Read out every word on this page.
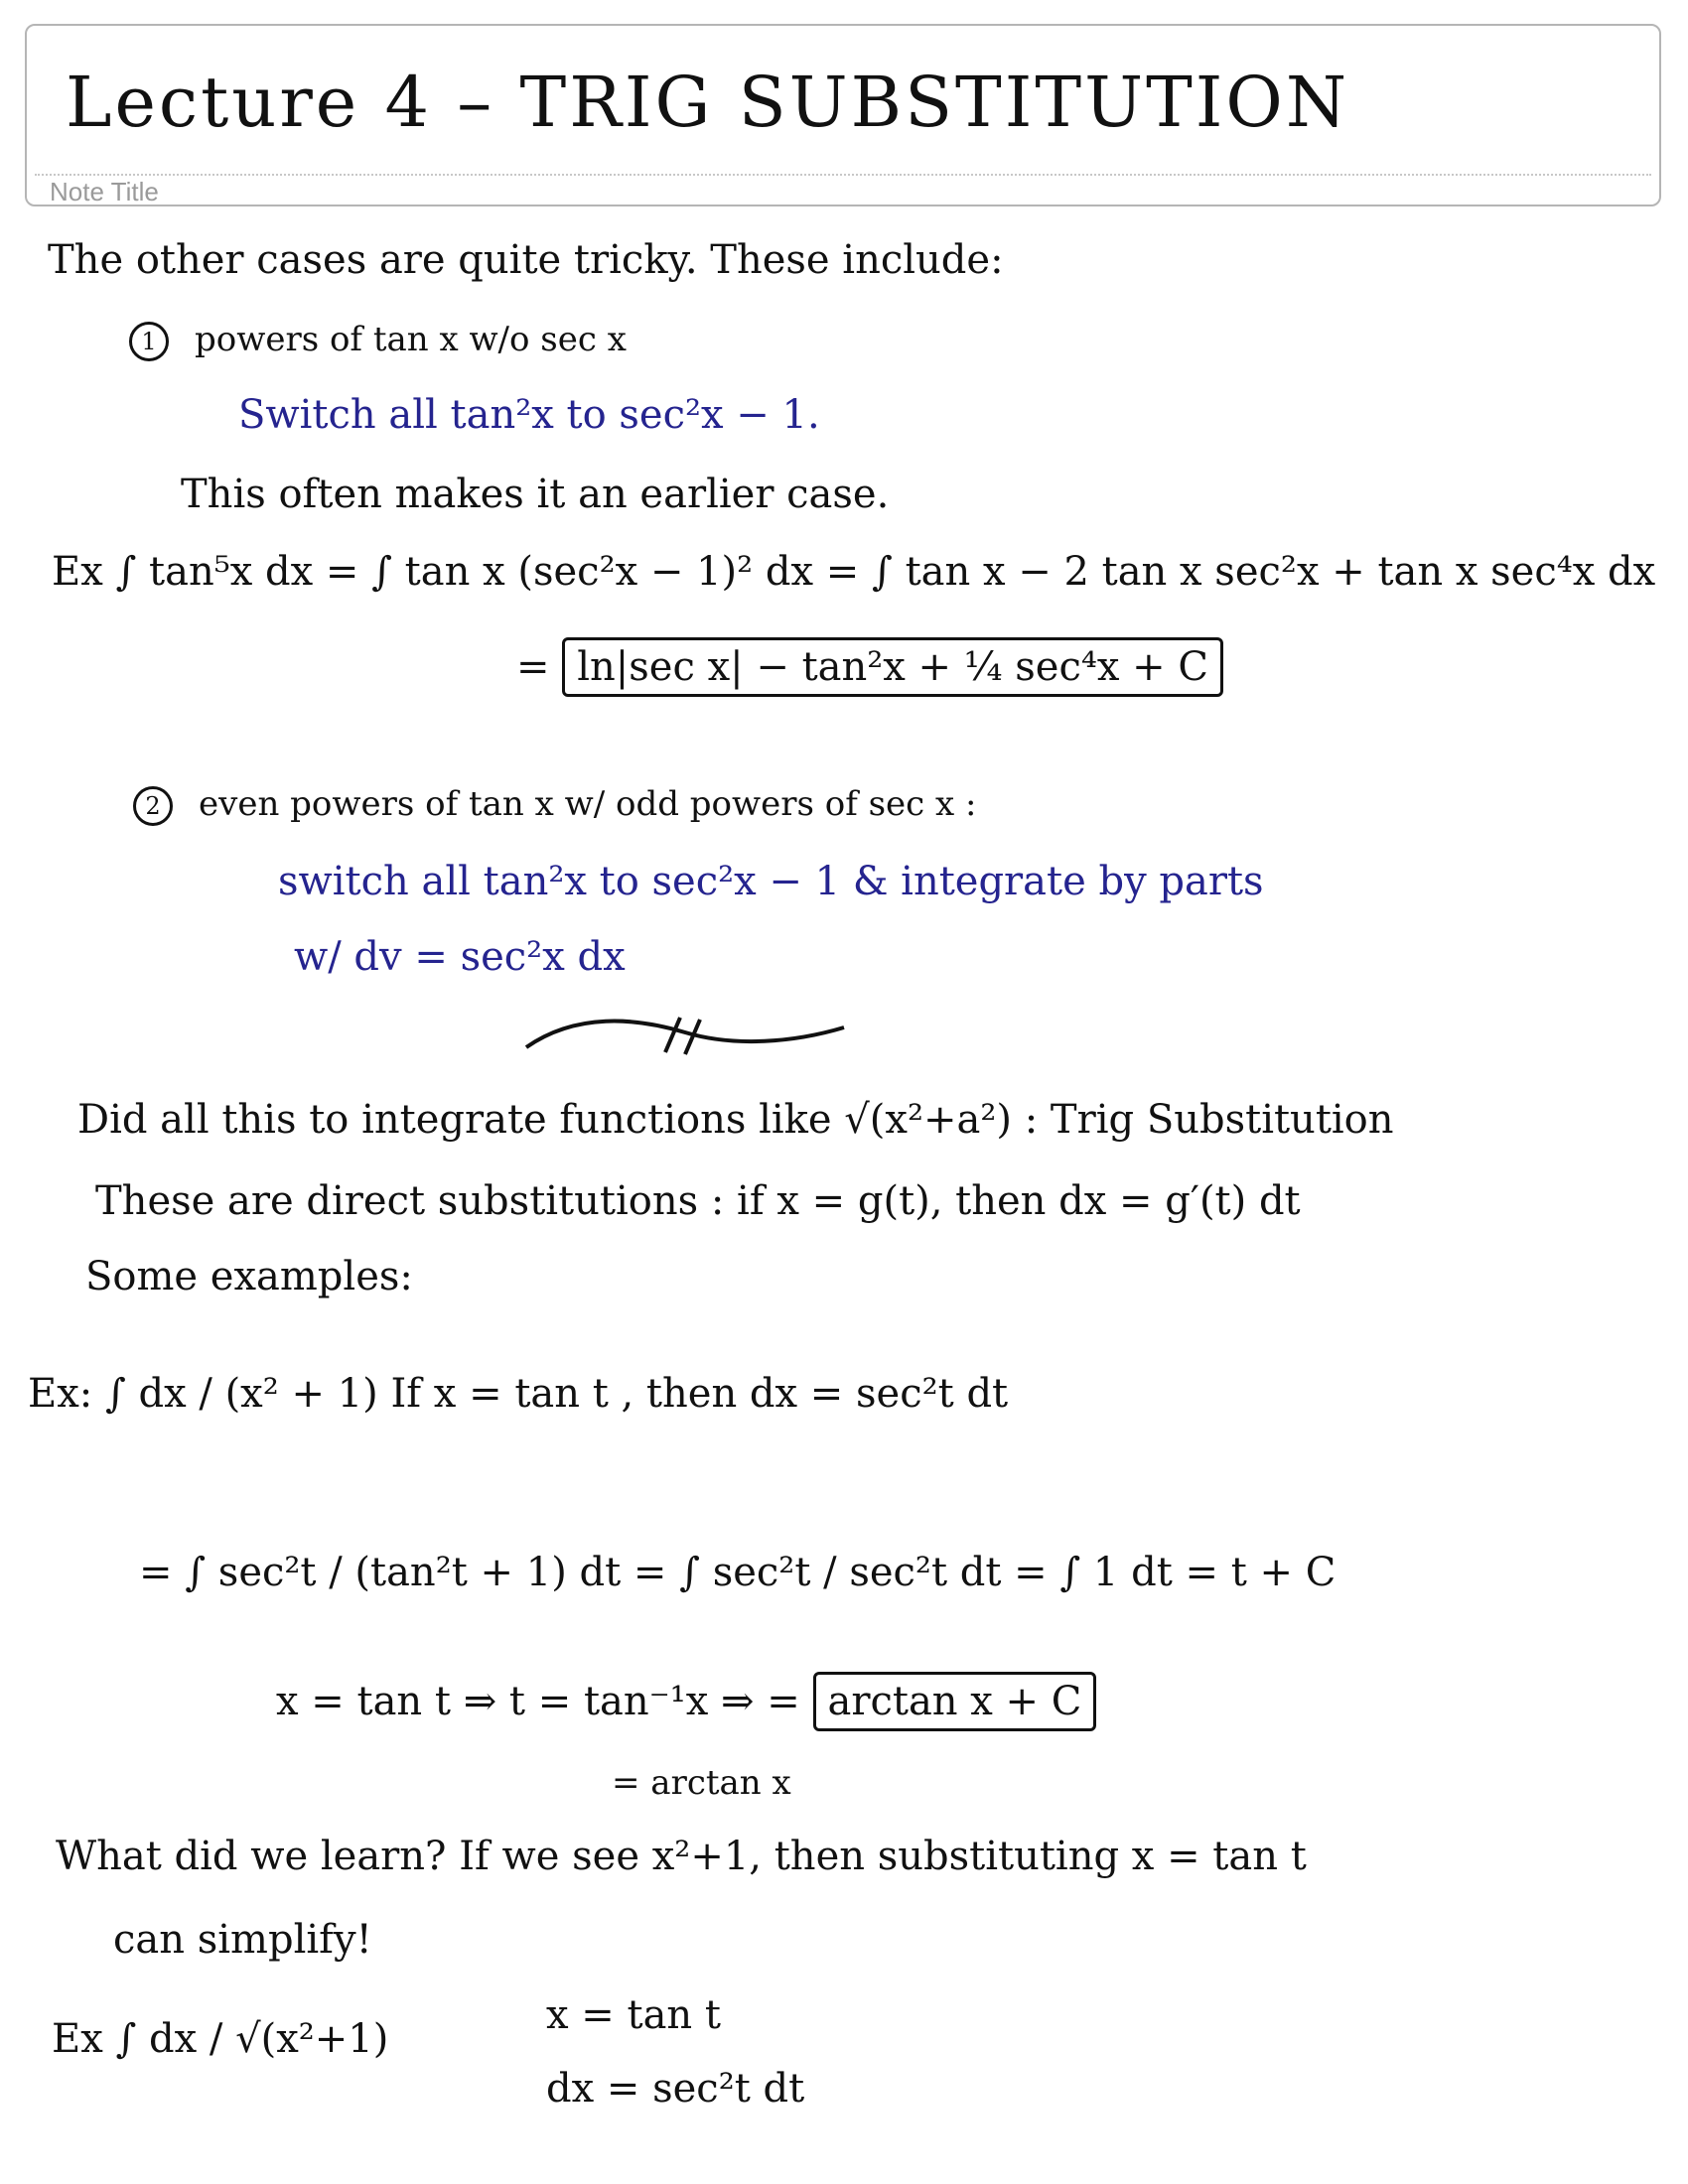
Note Title
Lecture 4 – TRIG SUBSTITUTION
The other cases are quite tricky. These include:
1 powers of tan x w/o sec x
Switch all tan²x to sec²x − 1.
This often makes it an earlier case.
Ex ∫ tan⁵x dx = ∫ tan x (sec²x − 1)² dx = ∫ tan x − 2 tan x sec²x + tan x sec⁴x dx
= ln|sec x| − tan²x + ¼ sec⁴x + C
2 even powers of tan x w/ odd powers of sec x :
switch all tan²x to sec²x − 1 & integrate by parts
w/ dv = sec²x dx
Did all this to integrate functions like √(x²+a²) : Trig Substitution
These are direct substitutions : if x = g(t), then dx = g′(t) dt
Some examples:
Ex: ∫ dx / (x² + 1) If x = tan t , then dx = sec²t dt
= ∫ sec²t / (tan²t + 1) dt = ∫ sec²t / sec²t dt = ∫ 1 dt = t + C
x = tan t ⇒ t = tan⁻¹x ⇒ = arctan x + C
= arctan x
What did we learn? If we see x²+1, then substituting x = tan t
can simplify!
Ex ∫ dx / √(x²+1)
x = tan t
dx = sec²t dt
